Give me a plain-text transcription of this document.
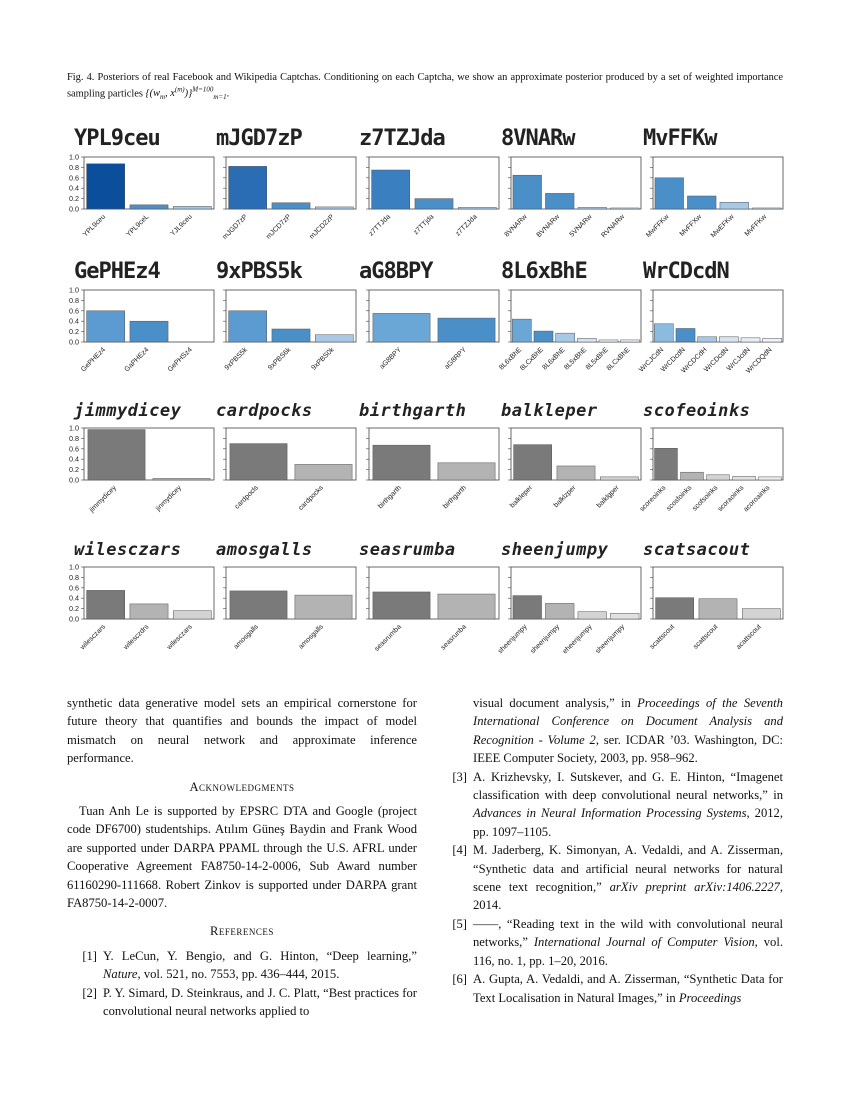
Fig. 4. Posteriors of real Facebook and Wikipedia Captchas. Conditioning on each Captcha, we show an approximate posterior produced by a set of weighted importance sampling particles {($w_m$, $x^{(m)})\}^{M=100}_{m=1}$.
YPL9ceu
0.0
0.2
0.4
0.6
0.8
1.0
YPL9ceu	YPL9ceL	YJL9ceu
mJGD7zP
mJGD7zP mJCD7zP mJCD2zP
z7TZJda
z7TTJda	z7TTjda	z7TZJda
8VNARw
8VNARw BVNARw 5VNARw RVNARw
MvFFKw
MwFFKw MvFFXw MwEFKw MvFFKw
GePHEz4
0.0
0.2
0.4
0.6
0.8
1.0
GePHEz4 GaPHEz4 GePHSz4
9xPBS5k
9xPBS5k	9xPBS6k	9xPBS0k
aG8BPY
aG8BPY	aG8RPY
8L6xBhE
8L6xBhE
8LCxBhE
8L6xBhE
8L5xBhE
8L5xBhE
8LCxBhE
WrCDcdN
WrCJCdN
WrCDcdN
WrCDCdH
WrCDcdN
WrCJcdN
WrCDQdN
jimmydicey
0.0
0.2
0.4
0.6
0.8
1.0
jimmydicey	jinmydicey
cardpocks
cardpocls	cardpocks
birthgarth
birthgarth	birthgarth
balkleper
balkleper	balklzper	balklgper
scofeoinks
scoreoinks
scosfoinks
scofsoinks
scoraoinks
acoroainks
wilesczars
0.0
0.2
0.4
0.6
0.8
1.0
wilesczars wilesczdrs wilesczars
amosgalls
amosgalls	amosgalls
seasrumba
seasrumba	seasrunba
sheenjumpy
sheenjumpy sheenjumpy eheenjumpy sheenjumpy
scatsacout
scattscout scattscout acattscout

synthetic data generative model sets an empirical cornerstone for future theory that quantifies and bounds the impact of model mismatch on neural network and approximate inference performance.

Acknowledgments

Tuan Anh Le is supported by EPSRC DTA and Google (project code DF6700) studentships. Atılım Güneş Baydin and Frank Wood are supported under DARPA PPAML through the U.S. AFRL under Cooperative Agreement FA8750-14-2-0006, Sub Award number 61160290-111668. Robert Zinkov is supported under DARPA grant FA8750-14-2-0007.

References
[1] Y. LeCun, Y. Bengio, and G. Hinton, “Deep learning,” Nature, vol. 521, no. 7553, pp. 436–444, 2015.
[2] P. Y. Simard, D. Steinkraus, and J. C. Platt, “Best practices for convolutional neural networks applied to
visual document analysis,” in Proceedings of the Seventh International Conference on Document Analysis and Recognition - Volume 2, ser. ICDAR ’03. Washington, DC: IEEE Computer Society, 2003, pp. 958–962.
[3] A. Krizhevsky, I. Sutskever, and G. E. Hinton, “Imagenet classification with deep convolutional neural networks,” in Advances in Neural Information Processing Systems, 2012, pp. 1097–1105.
[4] M. Jaderberg, K. Simonyan, A. Vedaldi, and A. Zisserman, “Synthetic data and artificial neural networks for natural scene text recognition,” arXiv preprint arXiv:1406.2227, 2014.
[5] ——, “Reading text in the wild with convolutional neural networks,” International Journal of Computer Vision, vol. 116, no. 1, pp. 1–20, 2016.
[6] A. Gupta, A. Vedaldi, and A. Zisserman, “Synthetic Data for Text Localisation in Natural Images,” in Proceedings
